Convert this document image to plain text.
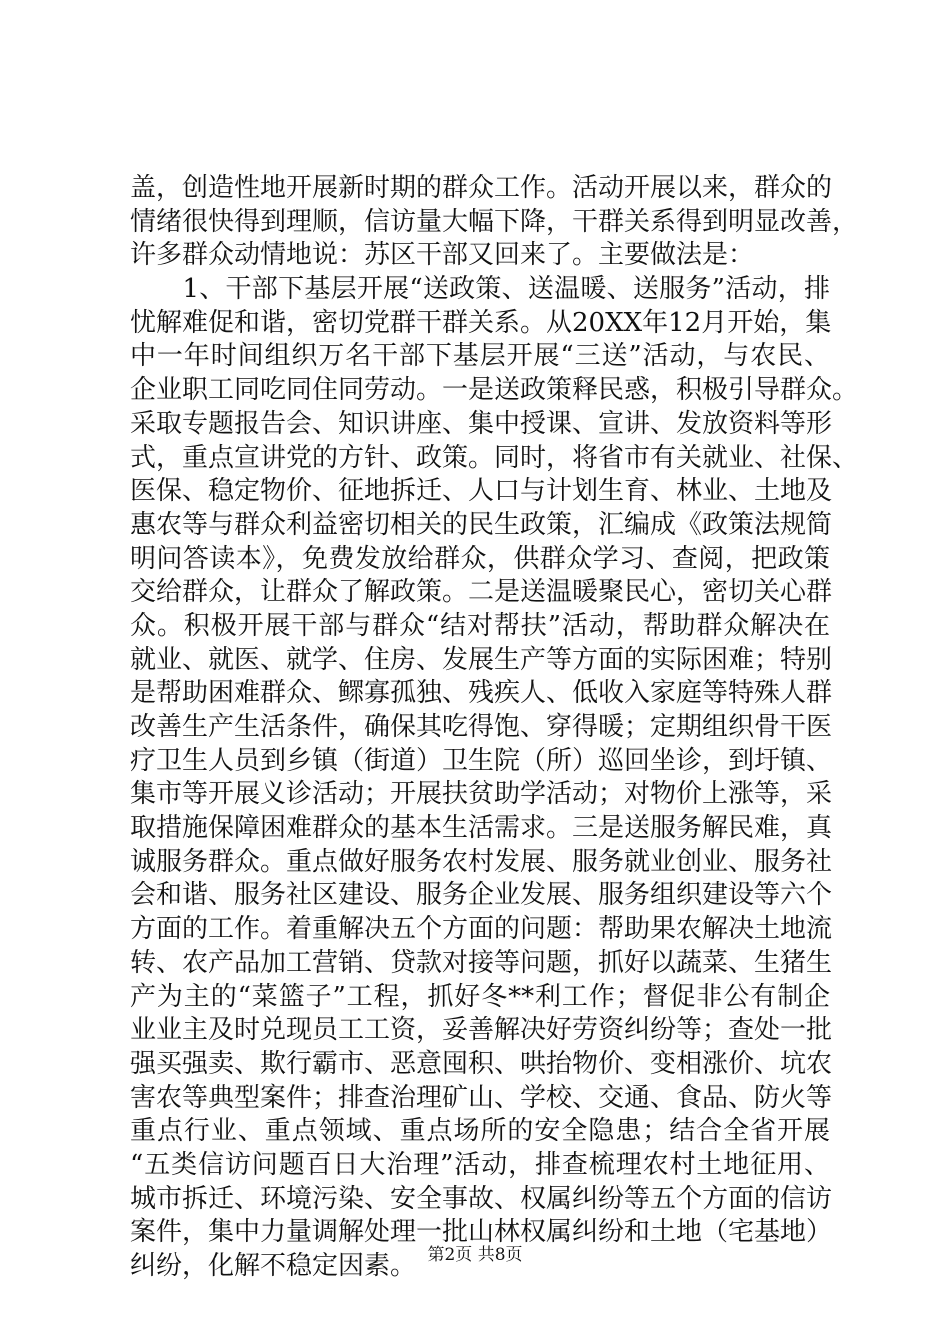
盖，创造性地开展新时期的群众工作。活动开展以来，群众的
情绪很快得到理顺，信访量大幅下降，干群关系得到明显改善，
许多群众动情地说：苏区干部又回来了。主要做法是：
　　1、干部下基层开展“送政策、送温暖、送服务”活动，排
忧解难促和谐，密切党群干群关系。从20XX年12月开始，集
中一年时间组织万名干部下基层开展“三送”活动，与农民、
企业职工同吃同住同劳动。一是送政策释民惑，积极引导群众。
采取专题报告会、知识讲座、集中授课、宣讲、发放资料等形
式，重点宣讲党的方针、政策。同时，将省市有关就业、社保、
医保、稳定物价、征地拆迁、人口与计划生育、林业、土地及
惠农等与群众利益密切相关的民生政策，汇编成《政策法规简
明问答读本》，免费发放给群众，供群众学习、查阅，把政策
交给群众，让群众了解政策。二是送温暖聚民心，密切关心群
众。积极开展干部与群众“结对帮扶”活动，帮助群众解决在
就业、就医、就学、住房、发展生产等方面的实际困难；特别
是帮助困难群众、鳏寡孤独、残疾人、低收入家庭等特殊人群
改善生产生活条件，确保其吃得饱、穿得暖；定期组织骨干医
疗卫生人员到乡镇（街道）卫生院（所）巡回坐诊，到圩镇、
集市等开展义诊活动；开展扶贫助学活动；对物价上涨等，采
取措施保障困难群众的基本生活需求。三是送服务解民难，真
诚服务群众。重点做好服务农村发展、服务就业创业、服务社
会和谐、服务社区建设、服务企业发展、服务组织建设等六个
方面的工作。着重解决五个方面的问题：帮助果农解决土地流
转、农产品加工营销、贷款对接等问题，抓好以蔬菜、生猪生
产为主的“菜篮子”工程，抓好冬**利工作；督促非公有制企
业业主及时兑现员工工资，妥善解决好劳资纠纷等；查处一批
强买强卖、欺行霸市、恶意囤积、哄抬物价、变相涨价、坑农
害农等典型案件；排查治理矿山、学校、交通、食品、防火等
重点行业、重点领域、重点场所的安全隐患；结合全省开展
“五类信访问题百日大治理”活动，排查梳理农村土地征用、
城市拆迁、环境污染、安全事故、权属纠纷等五个方面的信访
案件，集中力量调解处理一批山林权属纠纷和土地（宅基地）
纠纷，化解不稳定因素。 第2页 共8页
